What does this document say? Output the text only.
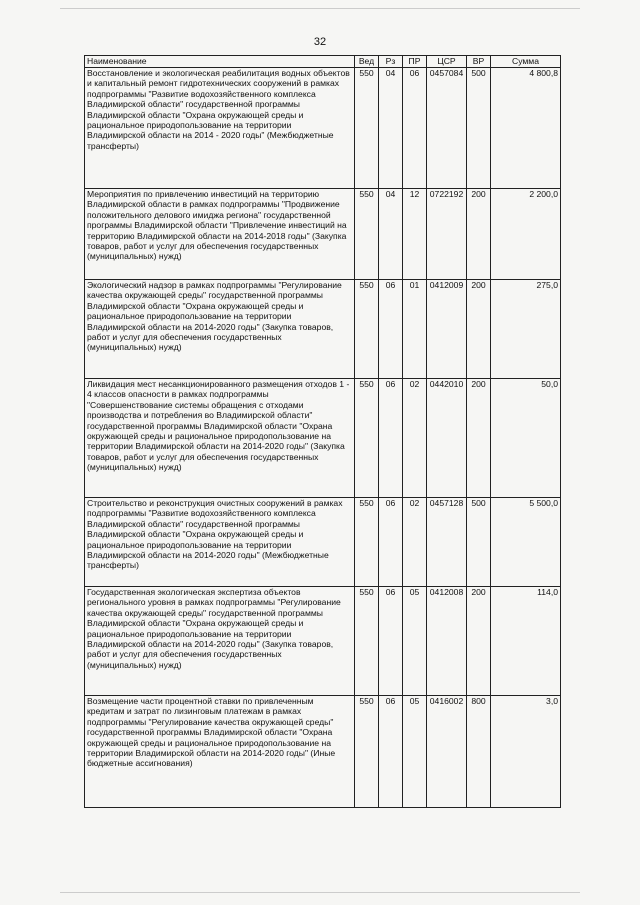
32
Наименование	Вед	Рз	ПР	ЦСР	ВР	Сумма
Восстановление и экологическая реабилитация водных объектов и капитальный ремонт гидротехнических сооружений в рамках подпрограммы "Развитие водохозяйственного комплекса Владимирской области" государственной программы Владимирской области "Охрана окружающей среды и рациональное природопользование на территории Владимирской области на 2014 - 2020 годы" (Межбюджетные трансферты)	550	04	06	0457084	500	4 800,8
Мероприятия по привлечению инвестиций на территорию Владимирской области в рамках подпрограммы "Продвижение положительного делового имиджа региона" государственной программы Владимирской области "Привлечение инвестиций на территорию Владимирской области на 2014-2018 годы" (Закупка товаров, работ и услуг для обеспечения государственных (муниципальных) нужд)	550	04	12	0722192	200	2 200,0
Экологический надзор в рамках подпрограммы "Регулирование качества окружающей среды" государственной программы Владимирской области "Охрана окружающей среды и рациональное природопользование на территории Владимирской области на 2014-2020 годы" (Закупка товаров, работ и услуг для обеспечения государственных (муниципальных) нужд)	550	06	01	0412009	200	275,0
Ликвидация мест несанкционированного размещения отходов 1 - 4 классов опасности в рамках подпрограммы "Совершенствование системы обращения с отходами производства и потребления во Владимирской области" государственной программы Владимирской области "Охрана окружающей среды и рациональное природопользование на территории Владимирской области на 2014-2020 годы" (Закупка товаров, работ и услуг для обеспечения государственных (муниципальных) нужд)	550	06	02	0442010	200	50,0
Строительство и реконструкция очистных сооружений в рамках подпрограммы "Развитие водохозяйственного комплекса Владимирской области" государственной программы Владимирской области "Охрана окружающей среды и рациональное природопользование на территории Владимирской области на 2014-2020 годы" (Межбюджетные трансферты)	550	06	02	0457128	500	5 500,0
Государственная экологическая экспертиза объектов регионального уровня в рамках подпрограммы "Регулирование качества окружающей среды" государственной программы Владимирской области "Охрана окружающей среды и рациональное природопользование на территории Владимирской области на 2014-2020 годы" (Закупка товаров, работ и услуг для обеспечения государственных (муниципальных) нужд)	550	06	05	0412008	200	114,0
Возмещение части процентной ставки по привлеченным кредитам и затрат по лизинговым платежам в рамках подпрограммы "Регулирование качества окружающей среды" государственной программы Владимирской области "Охрана окружающей среды и рациональное природопользование на территории Владимирской области на 2014-2020 годы" (Иные бюджетные ассигнования)	550	06	05	0416002	800	3,0
